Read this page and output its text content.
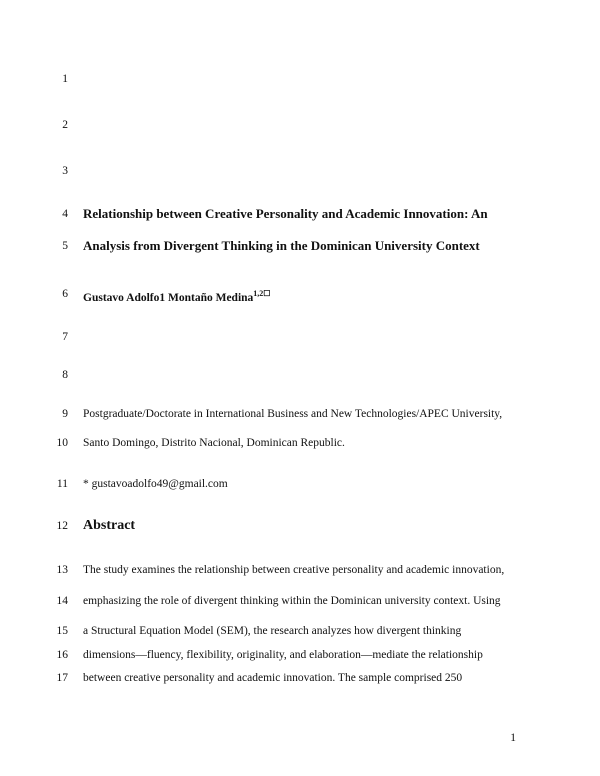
1
2
3
4 Relationship between Creative Personality and Academic Innovation: An
5 Analysis from Divergent Thinking in the Dominican University Context
6 Gustavo Adolfo1 Montaño Medina$^{1,2☐}$
7
8
9 Postgraduate/Doctorate in International Business and New Technologies/APEC University,
10 Santo Domingo, Distrito Nacional, Dominican Republic.
11 * gustavoadolfo49@gmail.com
12 Abstract
13 The study examines the relationship between creative personality and academic innovation,
14 emphasizing the role of divergent thinking within the Dominican university context. Using
15 a Structural Equation Model (SEM), the research analyzes how divergent thinking
16 dimensions—fluency, flexibility, originality, and elaboration—mediate the relationship
17 between creative personality and academic innovation. The sample comprised 250
1
